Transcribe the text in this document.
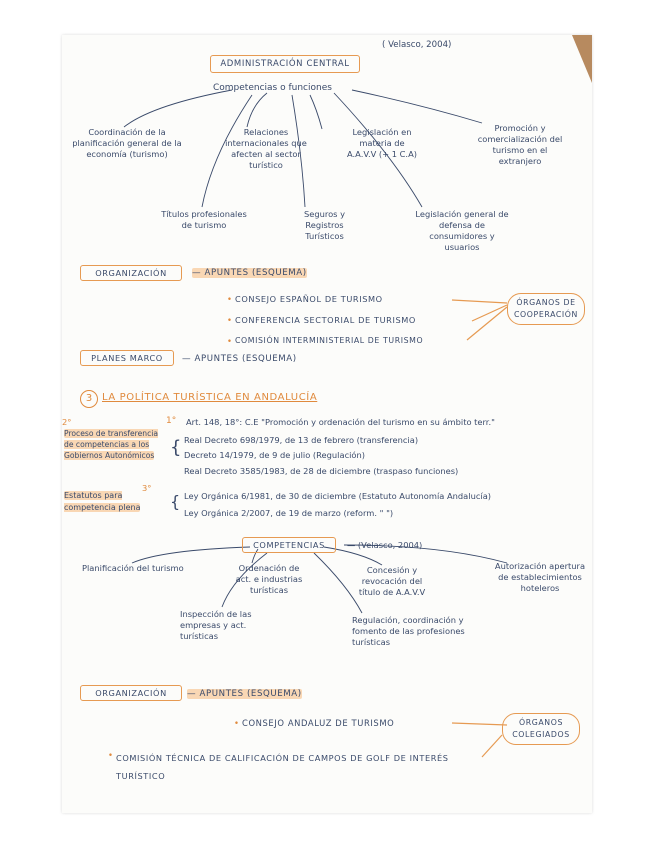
( Velasco, 2004)
ADMINISTRACIÓN CENTRAL
Competencias o funciones
Coordinación de la planificación general de la economía (turismo)
Relaciones internacionales que afecten al sector turístico
Legislación en materia de A.A.V.V (+ 1 C.A)
Promoción y comercialización del turismo en el extranjero
Títulos profesionales de turismo
Seguros y Registros Turísticos
Legislación general de defensa de consumidores y usuarios
ORGANIZACIÓN	— APUNTES (ESQUEMA)
• CONSEJO ESPAÑOL DE TURISMO
• CONFERENCIA SECTORIAL DE TURISMO
• COMISIÓN INTERMINISTERIAL DE TURISMO
ÓRGANOS DE COOPERACIÓN
PLANES MARCO	— APUNTES (ESQUEMA)
3 LA POLÍTICA TURÍSTICA EN ANDALUCÍA
1° Art. 148, 18°: C.E "Promoción y ordenación del turismo en su ámbito terr."
2°
Proceso de transferencia de competencias a los Gobiernos Autonómicos { Real Decreto 698/1979, de 13 de febrero (transferencia)
Decreto 14/1979, de 9 de julio (Regulación)
Real Decreto 3585/1983, de 28 de diciembre (traspaso funciones)
3°
Estatutos para competencia plena	{ Ley Orgánica 6/1981, de 30 de diciembre (Estatuto Autonomía Andalucía)
Ley Orgánica 2/2007, de 19 de marzo (reform. " ")
COMPETENCIAS	— (Velasco, 2004)
Planificación del turismo	Ordenación de act. e industrias turísticas
Concesión y revocación del título de A.A.V.V
Autorización apertura de establecimientos hoteleros
Inspección de las empresas y act. turísticas
Regulación, coordinación y fomento de las profesiones turísticas
ORGANIZACIÓN	— APUNTES (ESQUEMA)
• CONSEJO ANDALUZ DE TURISMO	ÓRGANOS COLEGIADOS
• COMISIÓN TÉCNICA DE CALIFICACIÓN DE CAMPOS DE GOLF DE INTERÉS TURÍSTICO
